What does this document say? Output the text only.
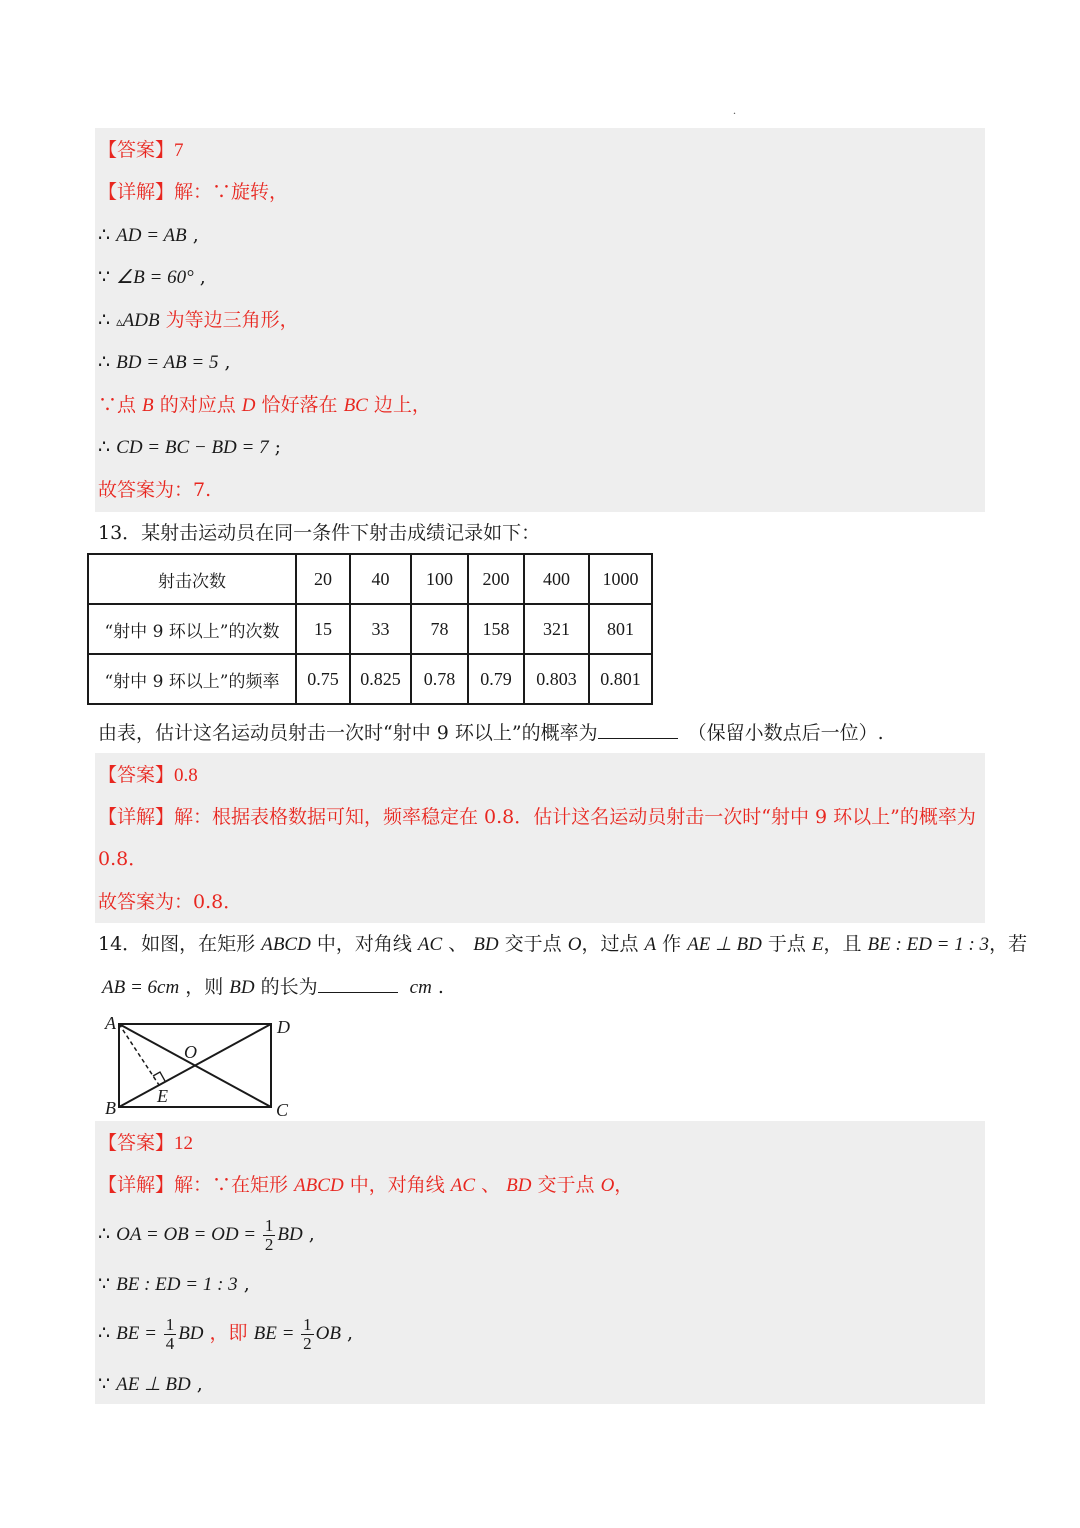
.
【答案】7
【详解】解：∵旋转，
∴ AD = AB ,
∵ ∠B = 60° ,
∴ ▵ADB 为等边三角形，
∴ BD = AB = 5 ,
∵点 B 的对应点 D 恰好落在 BC 边上，
∴ CD = BC − BD = 7 ;
故答案为：7.
13．某射击运动员在同一条件下射击成绩记录如下：
射击次数	20	40	100	200	400	1000
“射中 9 环以上”的次数	15	33	78	158	321	801
“射中 9 环以上”的频率	0.75	0.825	0.78	0.79	0.803	0.801
由表，估计这名运动员射击一次时“射中 9 环以上”的概率为	（保留小数点后一位）.
【答案】0.8
【详解】解：根据表格数据可知，频率稳定在 0.8．估计这名运动员射击一次时“射中 9 环以上”的概率为
0.8．
故答案为：0.8．
14．如图，在矩形 ABCD 中，对角线 AC 、 BD 交于点 O，过点 A 作 AE ⊥ BD 于点 E，且 BE : ED = 1 : 3，若
AB = 6cm ，则 BD 的长为	cm .
A	D
B	C
O
E
【答案】12
【详解】解：∵在矩形 ABCD 中，对角线 AC 、 BD 交于点 O，
∴ OA = OB = OD = $\frac{1}{2}$ BD ,
∵ BE : ED = 1 : 3 ,
∴ BE = $\frac{1}{4}$ BD ，即 BE = $\frac{1}{2}$ OB ,
∵ AE ⊥ BD ,
